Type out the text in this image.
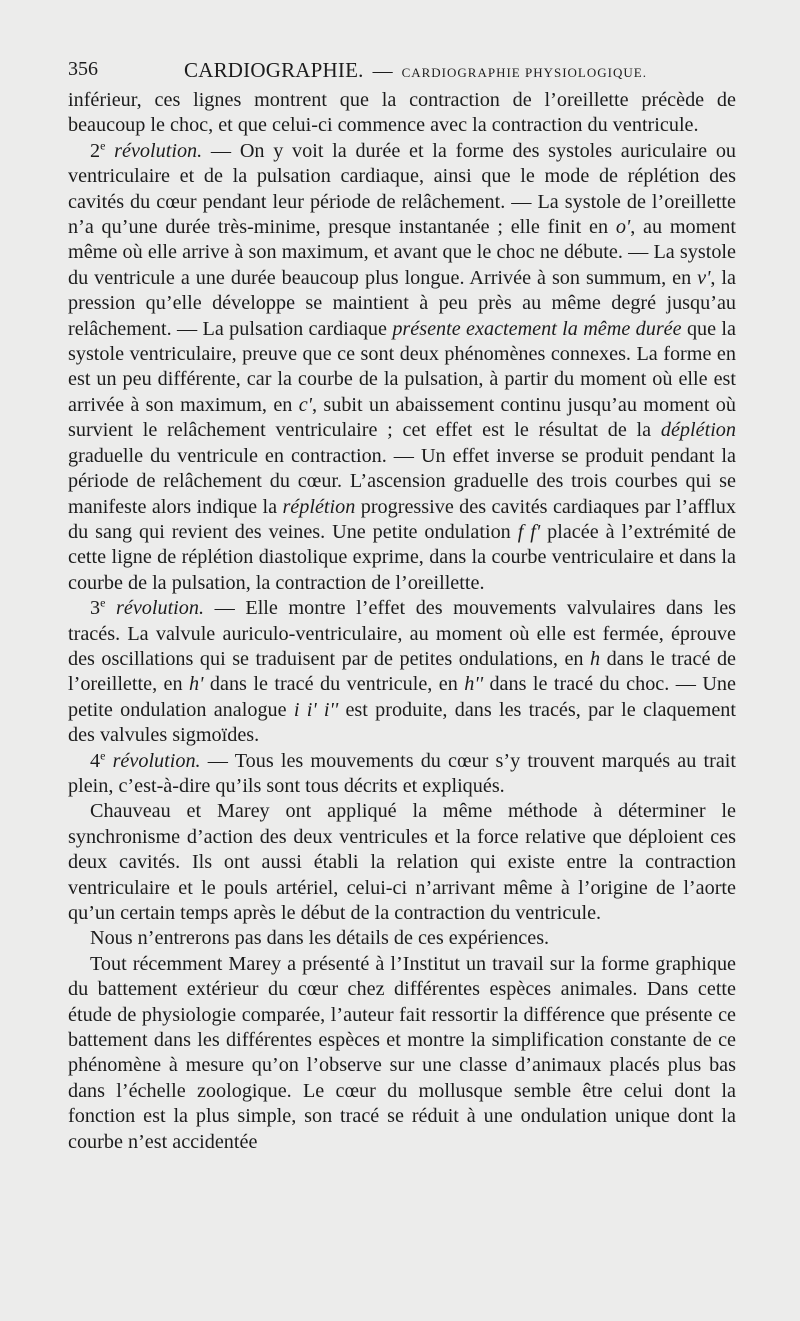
356	CARDIOGRAPHIE. — CARDIOGRAPHIE PHYSIOLOGIQUE.

inférieur, ces lignes montrent que la contraction de l’oreillette précède de beaucoup le choc, et que celui-ci commence avec la contraction du ventricule.

2e révolution. — On y voit la durée et la forme des systoles auriculaire ou ventriculaire et de la pulsation cardiaque, ainsi que le mode de réplétion des cavités du cœur pendant leur période de relâchement. — La systole de l’oreillette n’a qu’une durée très-minime, presque instantanée ; elle finit en o', au moment même où elle arrive à son maximum, et avant que le choc ne débute. — La systole du ventricule a une durée beaucoup plus longue. Arrivée à son summum, en v', la pression qu’elle développe se maintient à peu près au même degré jusqu’au relâchement. — La pulsation cardiaque présente exactement la même durée que la systole ventriculaire, preuve que ce sont deux phénomènes connexes. La forme en est un peu différente, car la courbe de la pulsation, à partir du moment où elle est arrivée à son maximum, en c', subit un abaissement continu jusqu’au moment où survient le relâchement ventriculaire ; cet effet est le résultat de la déplétion graduelle du ventricule en contraction. — Un effet inverse se produit pendant la période de relâchement du cœur. L’ascension graduelle des trois courbes qui se manifeste alors indique la réplétion progressive des cavités cardiaques par l’afflux du sang qui revient des veines. Une petite ondulation f f' placée à l’extrémité de cette ligne de réplétion diastolique exprime, dans la courbe ventriculaire et dans la courbe de la pulsation, la contraction de l’oreillette.

3e révolution. — Elle montre l’effet des mouvements valvulaires dans les tracés. La valvule auriculo-ventriculaire, au moment où elle est fermée, éprouve des oscillations qui se traduisent par de petites ondulations, en h dans le tracé de l’oreillette, en h' dans le tracé du ventricule, en h'' dans le tracé du choc. — Une petite ondulation analogue i i' i'' est produite, dans les tracés, par le claquement des valvules sigmoïdes.

4e révolution. — Tous les mouvements du cœur s’y trouvent marqués au trait plein, c’est-à-dire qu’ils sont tous décrits et expliqués.

Chauveau et Marey ont appliqué la même méthode à déterminer le synchronisme d’action des deux ventricules et la force relative que déploient ces deux cavités. Ils ont aussi établi la relation qui existe entre la contraction ventriculaire et le pouls artériel, celui-ci n’arrivant même à l’origine de l’aorte qu’un certain temps après le début de la contraction du ventricule.

Nous n’entrerons pas dans les détails de ces expériences.

Tout récemment Marey a présenté à l’Institut un travail sur la forme graphique du battement extérieur du cœur chez différentes espèces animales. Dans cette étude de physiologie comparée, l’auteur fait ressortir la différence que présente ce battement dans les différentes espèces et montre la simplification constante de ce phénomène à mesure qu’on l’observe sur une classe d’animaux placés plus bas dans l’échelle zoologique. Le cœur du mollusque semble être celui dont la fonction est la plus simple, son tracé se réduit à une ondulation unique dont la courbe n’est accidentée
